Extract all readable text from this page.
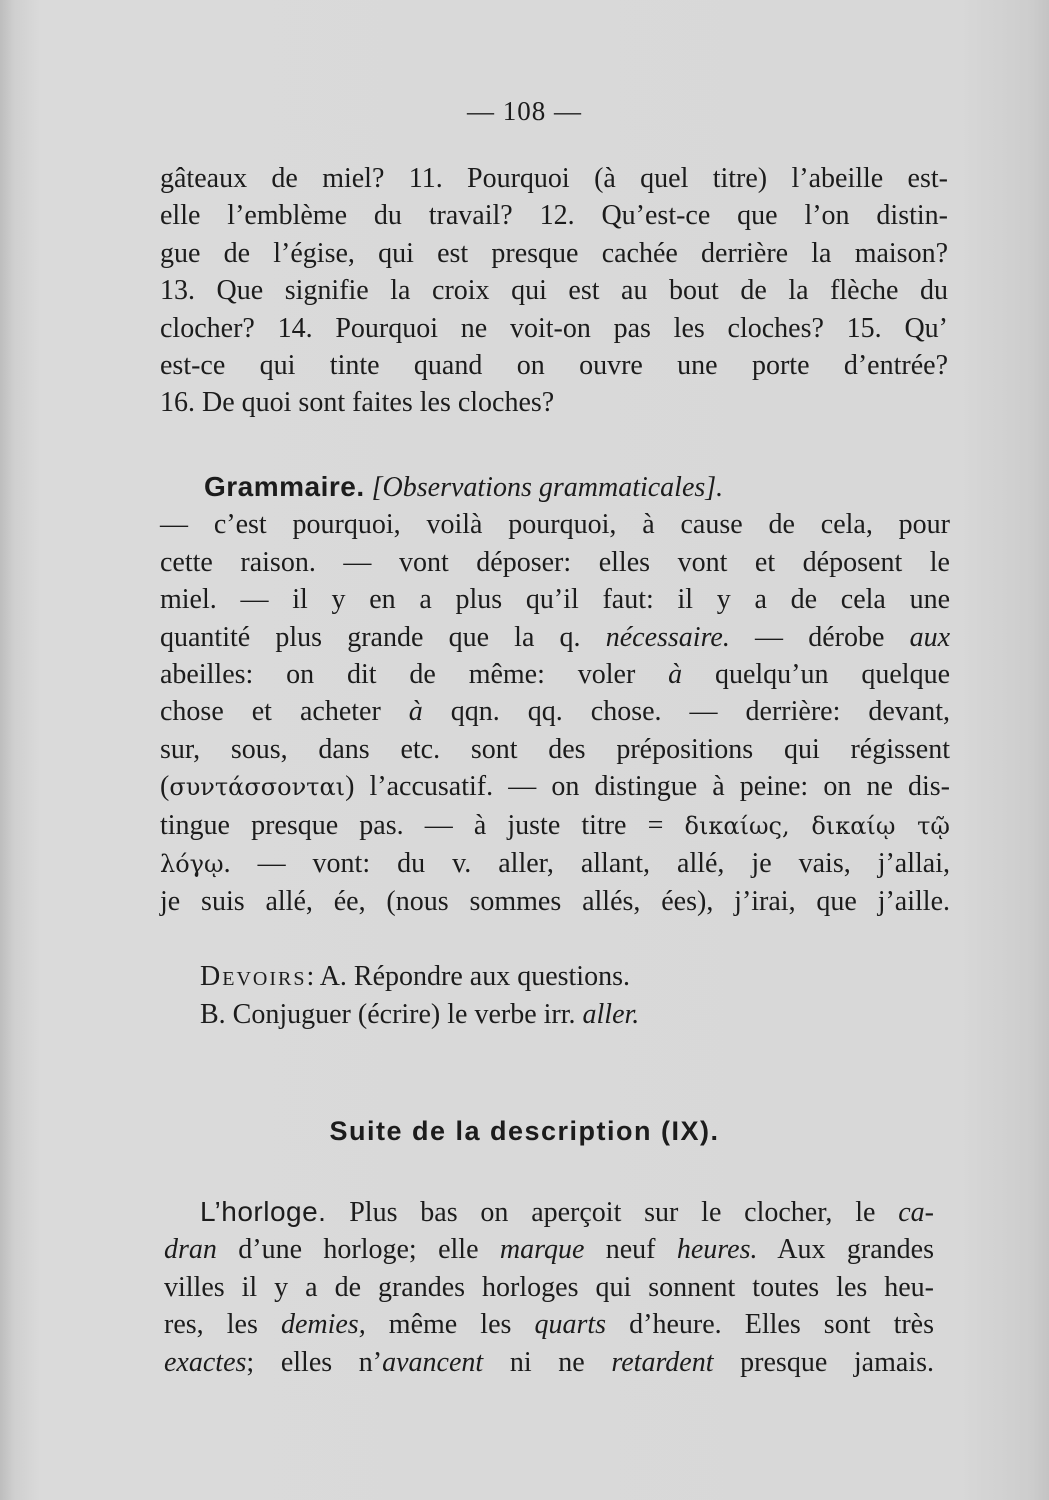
— 108 —
gâteaux de miel? 11. Pourquoi (à quel titre) l’abeille est-
elle l’emblème du travail? 12. Qu’est-ce que l’on distin-
gue de l’égise, qui est presque cachée derrière la maison?
13. Que signifie la croix qui est au bout de la flèche du
clocher? 14. Pourquoi ne voit-on pas les cloches? 15. Qu’
est-ce qui tinte quand on ouvre une porte d’entrée?
16. De quoi sont faites les cloches?
Grammaire. [Observations grammaticales].
— c’est pourquoi, voilà pourquoi, à cause de cela, pour
cette raison. — vont déposer: elles vont et déposent le
miel. — il y en a plus qu’il faut: il y a de cela une
quantité plus grande que la q. nécessaire. — dérobe aux
abeilles: on dit de même: voler à quelqu’un quelque
chose et acheter à qqn. qq. chose. — derrière: devant,
sur, sous, dans etc. sont des prépositions qui régissent
(συντάσσονται) l’accusatif. — on distingue à peine: on ne dis-
tingue presque pas. — à juste titre = δικαίως, δικαίῳ τῷ
λόγῳ. — vont: du v. aller, allant, allé, je vais, j’allai,
je suis allé, ée, (nous sommes allés, ées), j’irai, que j’aille.
Devoirs: A. Répondre aux questions.
B. Conjuguer (écrire) le verbe irr. aller.
Suite de la description (IX).
L’horloge. Plus bas on aperçoit sur le clocher, le ca-
dran d’une horloge; elle marque neuf heures. Aux grandes
villes il y a de grandes horloges qui sonnent toutes les heu-
res, les demies, même les quarts d’heure. Elles sont très
exactes; elles n’avancent ni ne retardent presque jamais.
